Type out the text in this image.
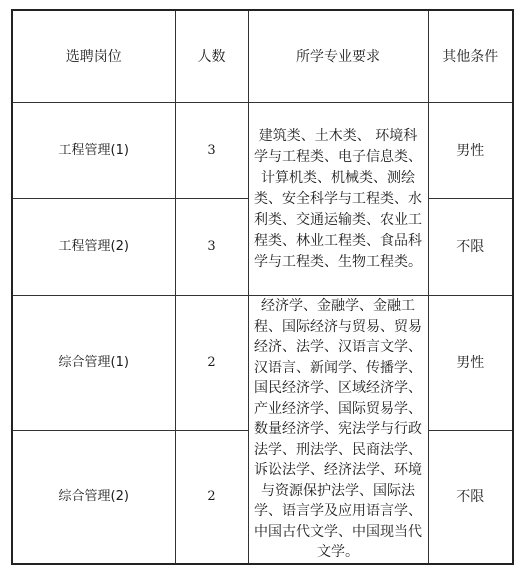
选聘岗位	人数	所学专业要求	其他条件
工程管理(1)	3	建筑类、土木类、 环境科学与工程类、电子信息类、计算机类、机械类、测绘类、安全科学与工程类、水利类、交通运输类、农业工程类、林业工程类、食品科学与工程类、生物工程类。	男性
工程管理(2)	3		不限
综合管理(1)	2	经济学、金融学、金融工程、国际经济与贸易、贸易经济、法学、汉语言文学、汉语言、新闻学、传播学、国民经济学、区域经济学、产业经济学、国际贸易学、数量经济学、宪法学与行政法学、刑法学、民商法学、诉讼法学、经济法学、环境与资源保护法学、国际法学、语言学及应用语言学、中国古代文学、中国现当代文学。	男性
综合管理(2)	2		不限
